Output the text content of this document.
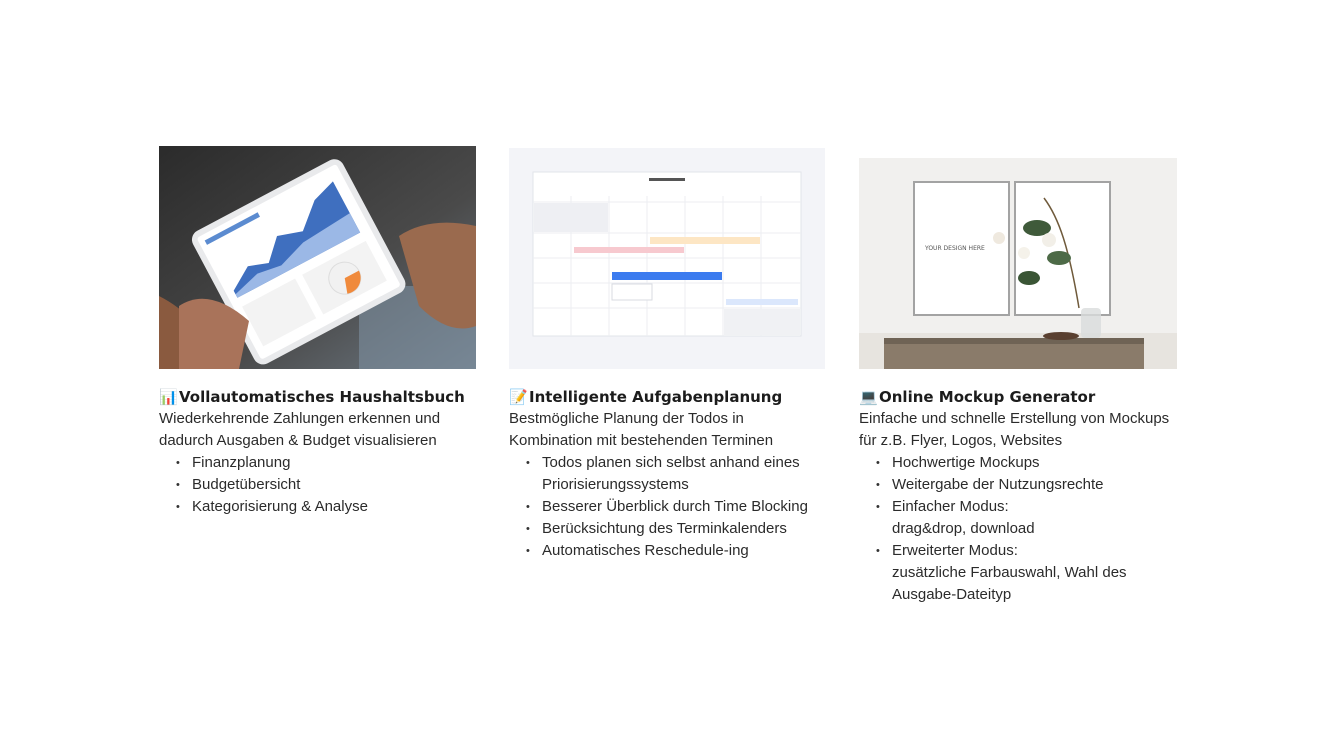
📊Vollautomatisches Haushaltsbuch
Wiederkehrende Zahlungen erkennen und dadurch Ausgaben & Budget visualisieren
• Finanzplanung
• Budgetübersicht
• Kategorisierung & Analyse
📝Intelligente Aufgabenplanung
Bestmögliche Planung der Todos in Kombination mit bestehenden Terminen
• Todos planen sich selbst anhand eines Priorisierungssystems
• Besserer Überblick durch Time Blocking
• Berücksichtung des Terminkalenders
• Automatisches Reschedule-ing
YOUR DESIGN HERE
💻Online Mockup Generator
Einfache und schnelle Erstellung von Mockups für z.B. Flyer, Logos, Websites
• Hochwertige Mockups
• Weitergabe der Nutzungsrechte
• Einfacher Modus:
drag&drop, download
• Erweiterter Modus:
zusätzliche Farbauswahl, Wahl des Ausgabe-Dateityp
